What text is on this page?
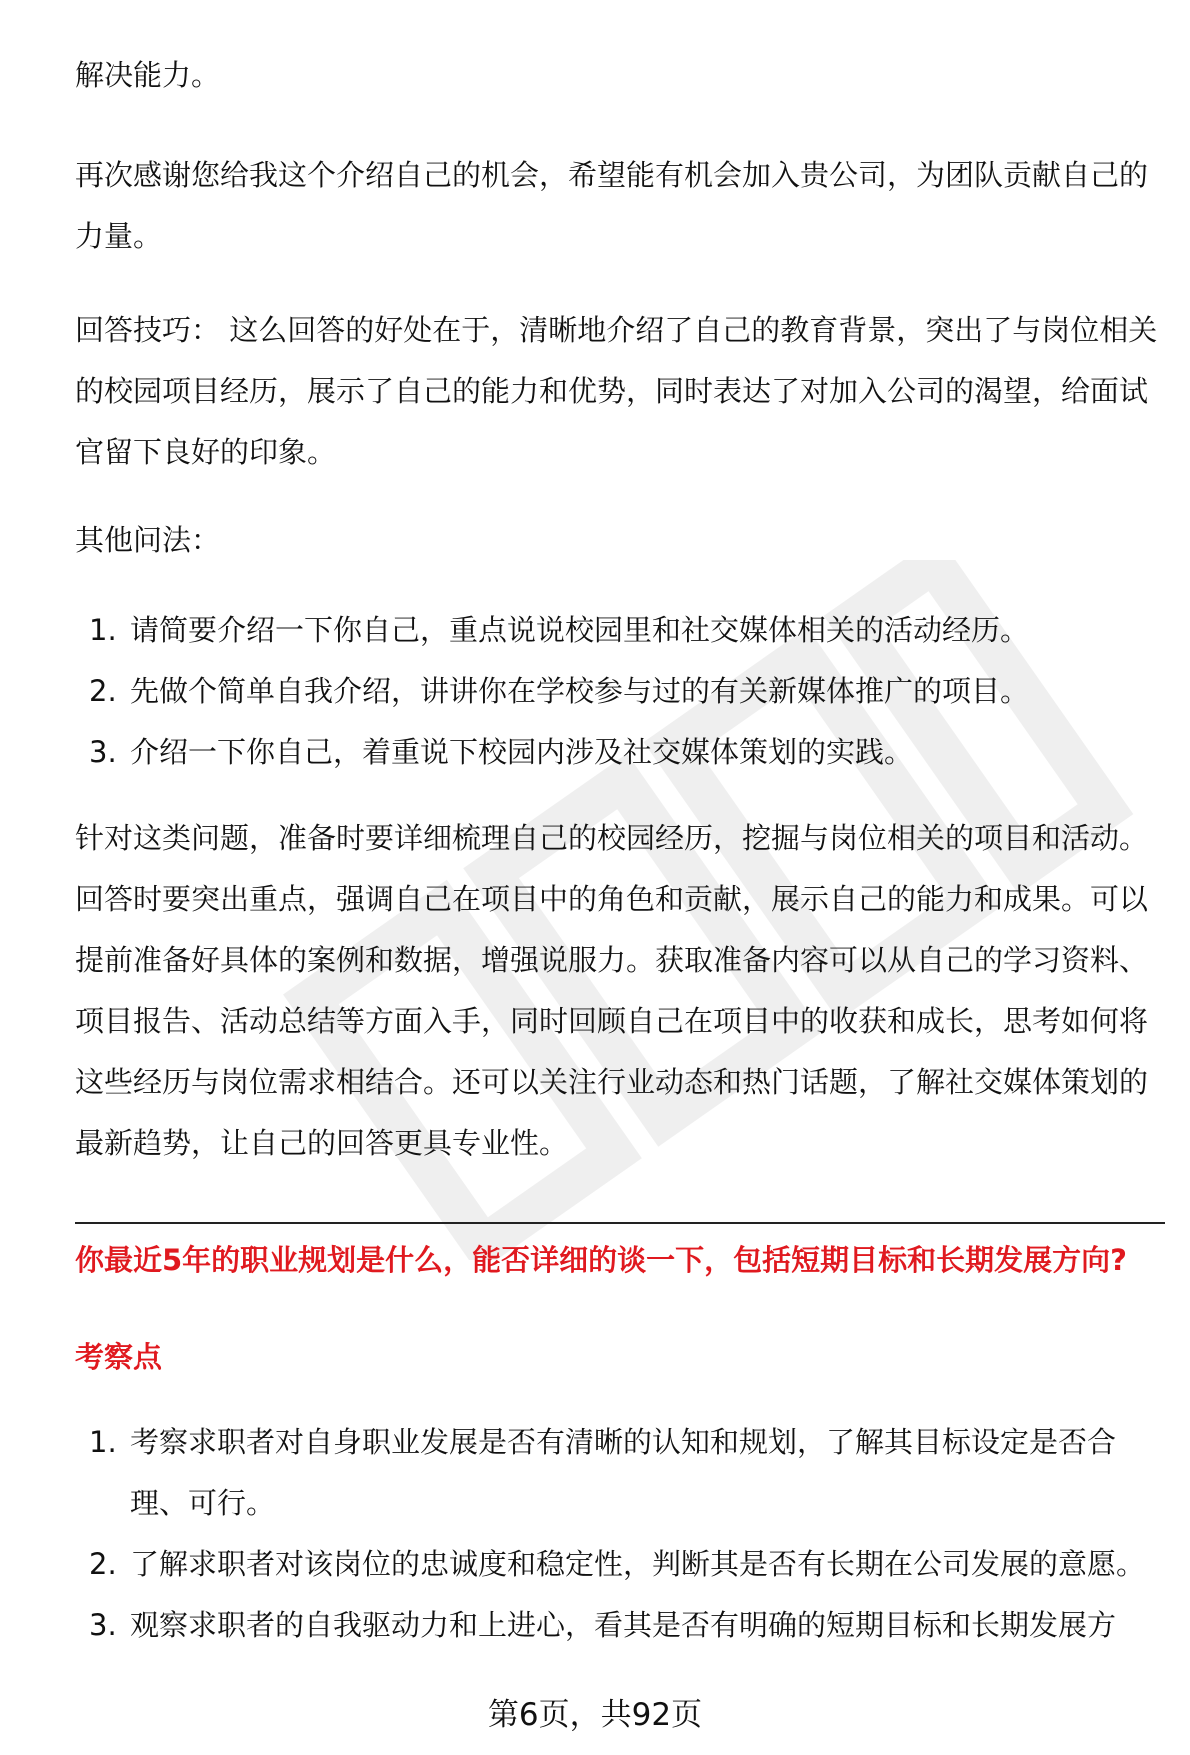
解决能力。

再次感谢您给我这个介绍自己的机会，希望能有机会加入贵公司，为团队贡献自己的力量。

回答技巧： 这么回答的好处在于，清晰地介绍了自己的教育背景，突出了与岗位相关的校园项目经历，展示了自己的能力和优势，同时表达了对加入公司的渴望，给面试官留下良好的印象。

其他问法：

1. 请简要介绍一下你自己，重点说说校园里和社交媒体相关的活动经历。
2. 先做个简单自我介绍，讲讲你在学校参与过的有关新媒体推广的项目。
3. 介绍一下你自己，着重说下校园内涉及社交媒体策划的实践。

针对这类问题，准备时要详细梳理自己的校园经历，挖掘与岗位相关的项目和活动。回答时要突出重点，强调自己在项目中的角色和贡献，展示自己的能力和成果。可以提前准备好具体的案例和数据，增强说服力。获取准备内容可以从自己的学习资料、项目报告、活动总结等方面入手，同时回顾自己在项目中的收获和成长，思考如何将这些经历与岗位需求相结合。还可以关注行业动态和热门话题，了解社交媒体策划的最新趋势，让自己的回答更具专业性。

你最近5年的职业规划是什么，能否详细的谈一下，包括短期目标和长期发展方向?
考察点
1. 考察求职者对自身职业发展是否有清晰的认知和规划，了解其目标设定是否合理、可行。
2. 了解求职者对该岗位的忠诚度和稳定性，判断其是否有长期在公司发展的意愿。
3. 观察求职者的自我驱动力和上进心，看其是否有明确的短期目标和长期发展方
第6页，共92页
